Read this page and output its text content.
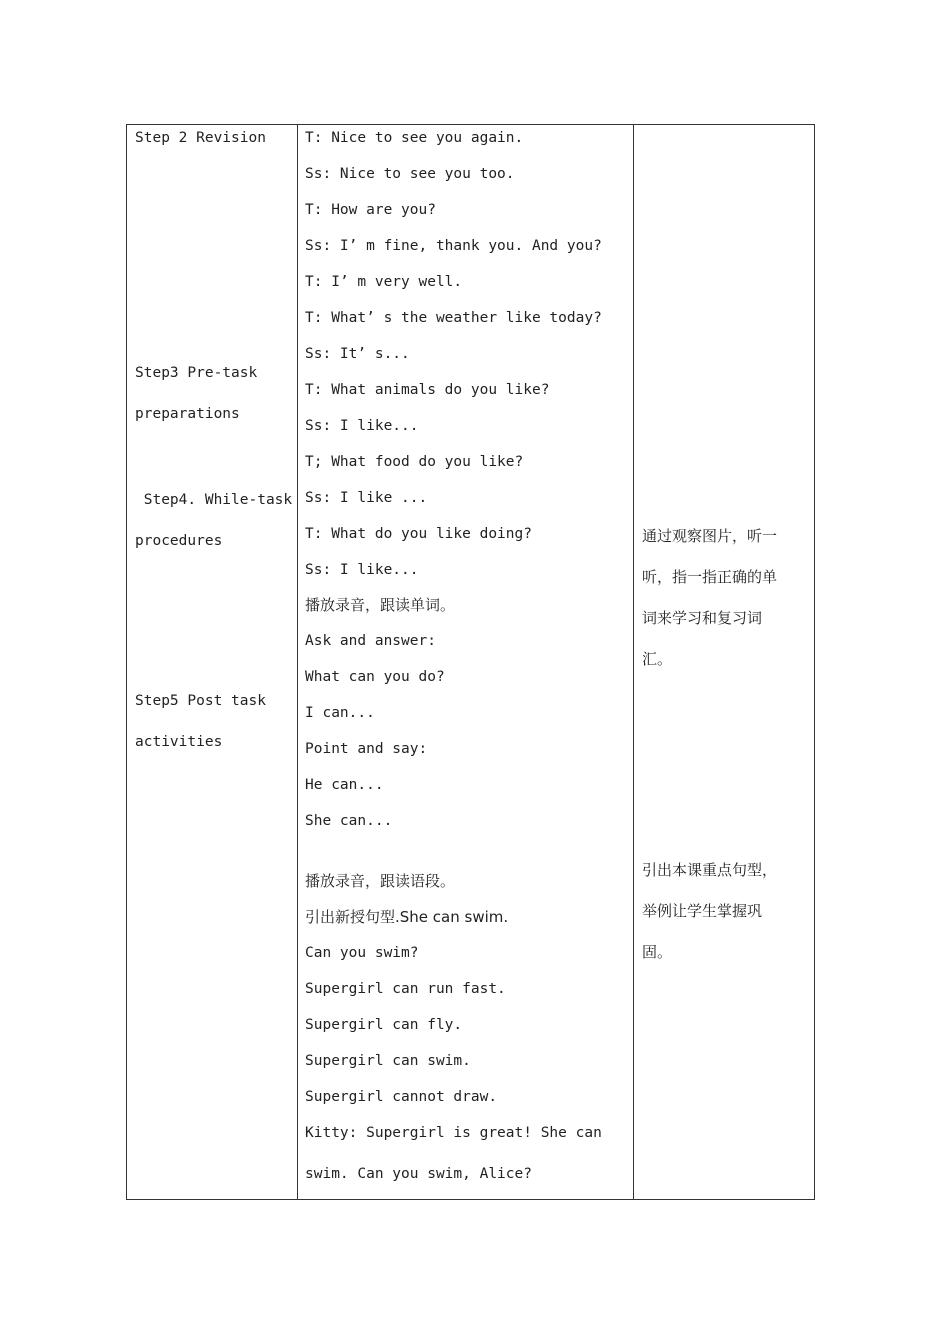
Step 2 Revision
Step3 Pre-task
preparations
Step4. While-task
procedures
Step5 Post task
activities
T: Nice to see you again.
Ss: Nice to see you too.
T: How are you?
Ss: I’ m fine, thank you. And you?
T: I’ m very well.
T: What’ s the weather like today?
Ss: It’ s...
T: What animals do you like?
Ss: I like...
T; What food do you like?
Ss: I like ...
T: What do you like doing?
Ss: I like...
播放录音，跟读单词。
Ask and answer:
What can you do?
I can...
Point and say:
He can...
She can...
播放录音，跟读语段。
引出新授句型.She can swim.
Can you swim?
Supergirl can run fast.
Supergirl can fly.
Supergirl can swim.
Supergirl cannot draw.
Kitty: Supergirl is great! She can
swim. Can you swim, Alice?
通过观察图片，听一
听，指一指正确的单
词来学习和复习词
汇。
引出本课重点句型，
举例让学生掌握巩
固。
